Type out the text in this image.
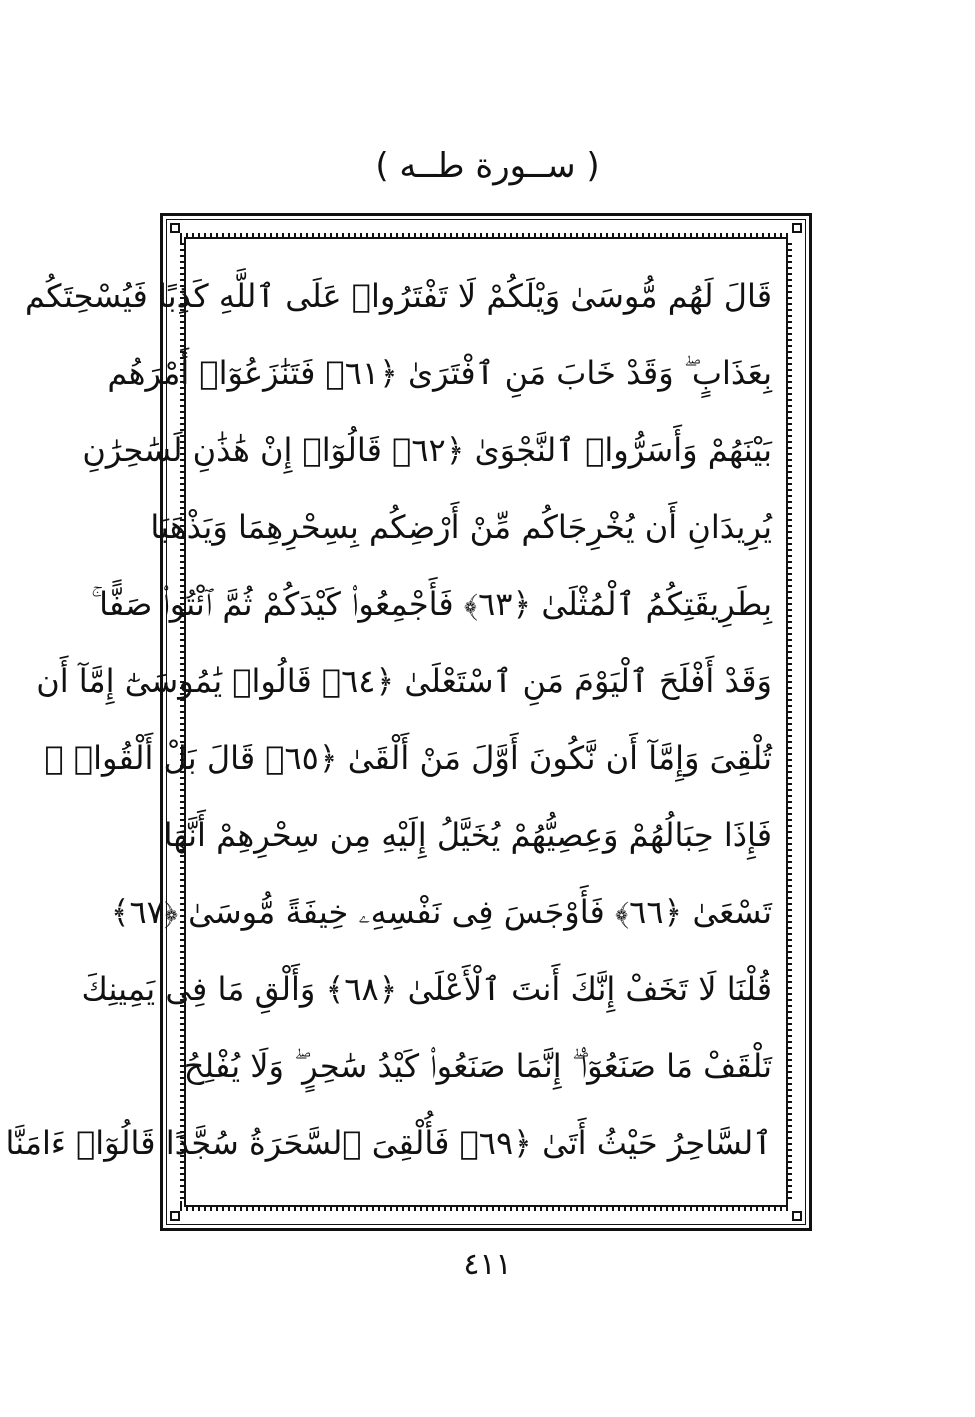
( ســورة طــه )
قَالَ لَهُم مُّوسَىٰ وَيْلَكُمْ لَا تَفْتَرُوا۟ عَلَى ٱللَّهِ كَذِبًا فَيُسْحِتَكُم
بِعَذَابٍ ۖ وَقَدْ خَابَ مَنِ ٱفْتَرَىٰ ﴿٦١﴾ فَتَنَٰزَعُوٓا۟ أَمْرَهُم
بَيْنَهُمْ وَأَسَرُّوا۟ ٱلنَّجْوَىٰ ﴿٦٢﴾ قَالُوٓا۟ إِنْ هَٰذَٰنِ لَسَٰحِرَٰنِ
يُرِيدَانِ أَن يُخْرِجَاكُم مِّنْ أَرْضِكُم بِسِحْرِهِمَا وَيَذْهَبَا
بِطَرِيقَتِكُمُ ٱلْمُثْلَىٰ ﴿٦٣﴾ فَأَجْمِعُوا۟ كَيْدَكُمْ ثُمَّ ٱئْتُوا۟ صَفًّا ۚ
وَقَدْ أَفْلَحَ ٱلْيَوْمَ مَنِ ٱسْتَعْلَىٰ ﴿٦٤﴾ قَالُوا۟ يَٰمُوسَىٰٓ إِمَّآ أَن
تُلْقِىَ وَإِمَّآ أَن نَّكُونَ أَوَّلَ مَنْ أَلْقَىٰ ﴿٦٥﴾ قَالَ بَلْ أَلْقُوا۟ ۖ
فَإِذَا حِبَالُهُمْ وَعِصِيُّهُمْ يُخَيَّلُ إِلَيْهِ مِن سِحْرِهِمْ أَنَّهَا
تَسْعَىٰ ﴿٦٦﴾ فَأَوْجَسَ فِى نَفْسِهِۦ خِيفَةً مُّوسَىٰ ﴿٦٧﴾
قُلْنَا لَا تَخَفْ إِنَّكَ أَنتَ ٱلْأَعْلَىٰ ﴿٦٨﴾ وَأَلْقِ مَا فِى يَمِينِكَ
تَلْقَفْ مَا صَنَعُوٓا۟ ۖ إِنَّمَا صَنَعُوا۟ كَيْدُ سَٰحِرٍ ۖ وَلَا يُفْلِحُ
ٱلسَّاحِرُ حَيْثُ أَتَىٰ ﴿٦٩﴾ فَأُلْقِىَ ٱلسَّحَرَةُ سُجَّدًا قَالُوٓا۟ ءَامَنَّا
٤١١
